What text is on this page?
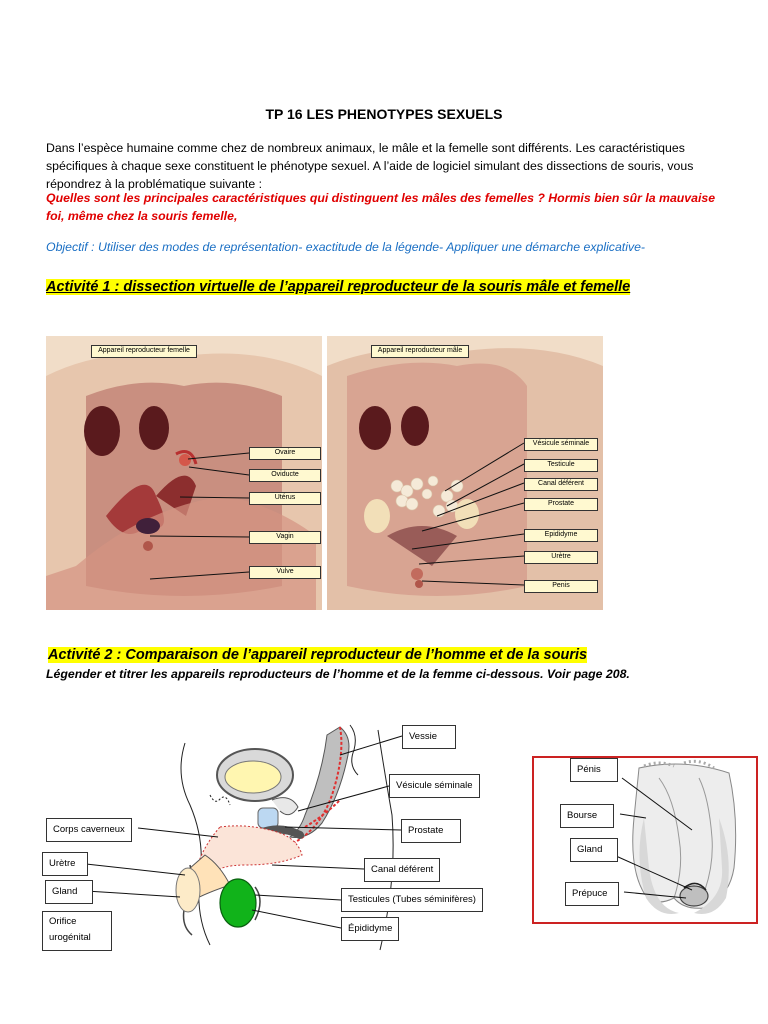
TP 16 LES PHENOTYPES SEXUELS
Dans l’espèce humaine comme chez de nombreux animaux, le mâle et la femelle sont différents. Les caractéristiques spécifiques à chaque sexe constituent le phénotype sexuel. A l’aide de logiciel simulant des dissections de souris, vous répondrez à la problématique suivante :
Quelles sont les principales caractéristiques qui distinguent les mâles des femelles ? Hormis bien sûr la mauvaise foi, même chez la souris femelle,
Objectif : Utiliser des modes de représentation- exactitude de la légende- Appliquer une démarche explicative-
Activité 1 : dissection virtuelle de l’appareil reproducteur de la souris mâle et femelle
Appareil reproducteur femelle
Ovaire
Oviducte
Utérus
Vagin
Vulve
Appareil reproducteur mâle
Vésicule séminale
Testicule
Canal déférent
Prostate
Epididyme
Urètre
Penis
Activité 2 : Comparaison de l’appareil reproducteur de l’homme et de la souris
Légender et titrer les appareils reproducteurs de l’homme et de la femme ci-dessous. Voir page 208.
Vessie
Vésicule séminale
Prostate
Canal déférent
Testicules (Tubes séminifères)
Épididyme
Corps caverneux
Urètre
Gland
Orifice urogénital
Pénis
Bourse
Gland
Prépuce
